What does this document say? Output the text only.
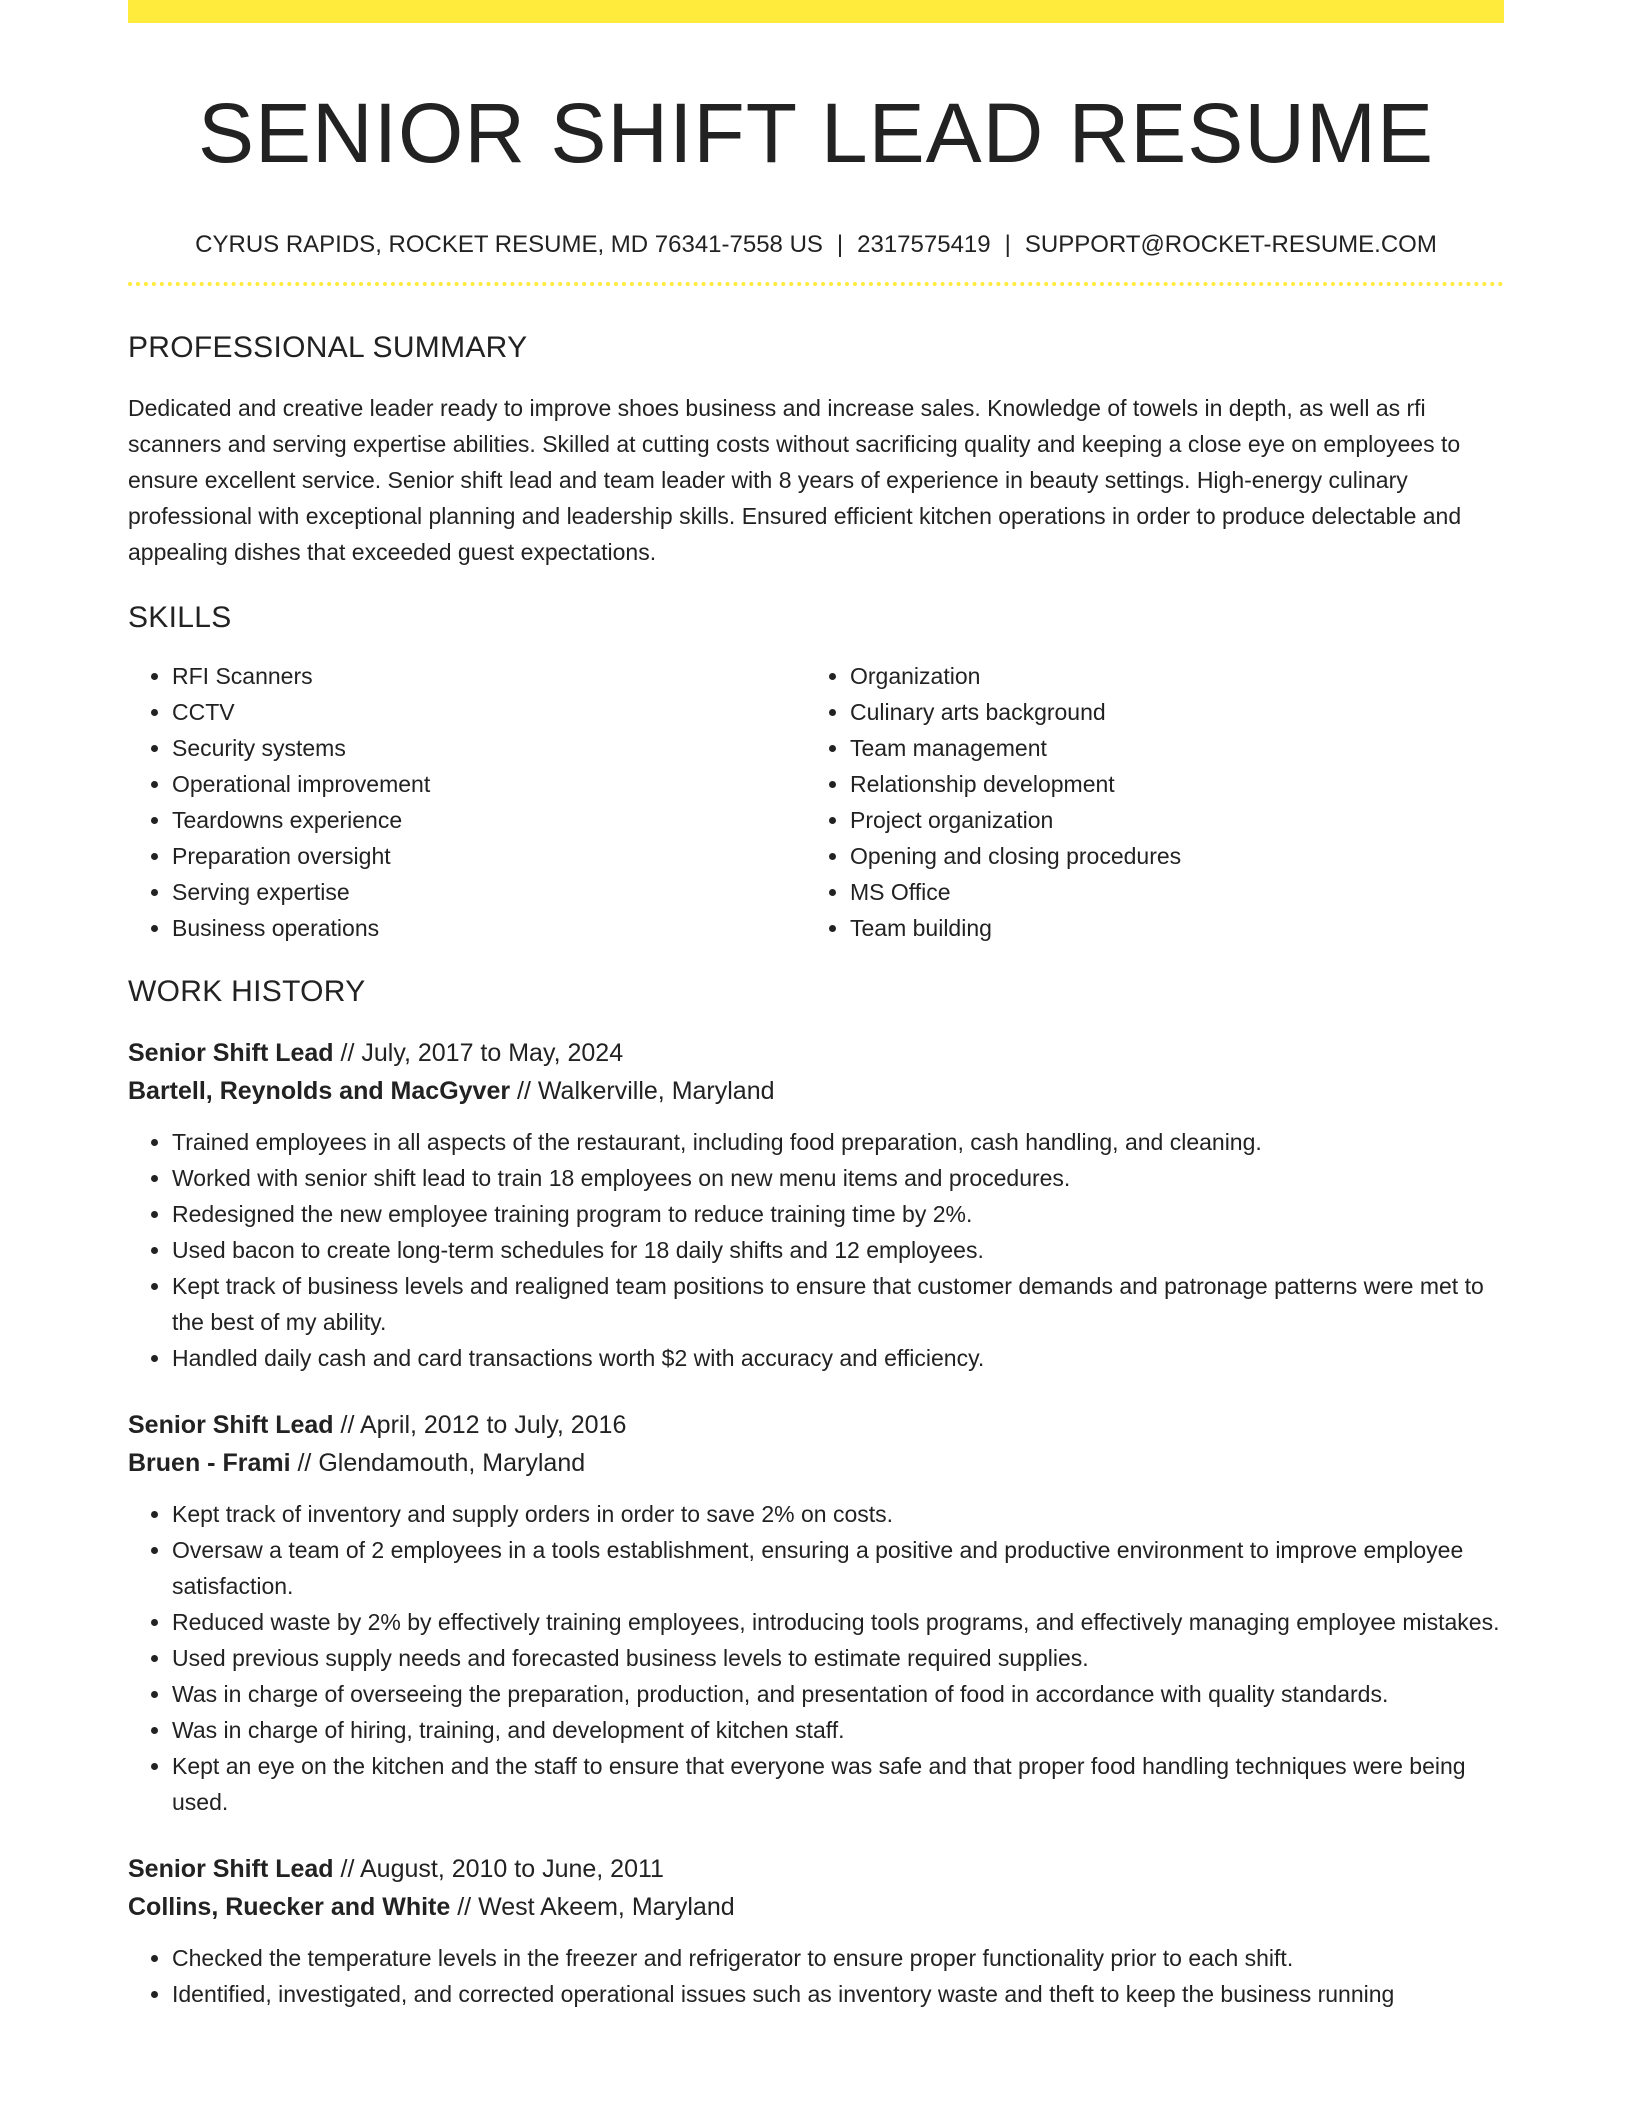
SENIOR SHIFT LEAD RESUME
CYRUS RAPIDS, ROCKET RESUME, MD 76341-7558 US | 2317575419 | SUPPORT@ROCKET-RESUME.COM
PROFESSIONAL SUMMARY

Dedicated and creative leader ready to improve shoes business and increase sales. Knowledge of towels in depth, as well as rfi scanners and serving expertise abilities. Skilled at cutting costs without sacrificing quality and keeping a close eye on employees to ensure excellent service. Senior shift lead and team leader with 8 years of experience in beauty settings. High-energy culinary professional with exceptional planning and leadership skills. Ensured efficient kitchen operations in order to produce delectable and appealing dishes that exceeded guest expectations.

SKILLS
• RFI Scanners
• CCTV
• Security systems
• Operational improvement
• Teardowns experience
• Preparation oversight
• Serving expertise
• Business operations
• Organization
• Culinary arts background
• Team management
• Relationship development
• Project organization
• Opening and closing procedures
• MS Office
• Team building
WORK HISTORY
Senior Shift Lead // July, 2017 to May, 2024
Bartell, Reynolds and MacGyver // Walkerville, Maryland
• Trained employees in all aspects of the restaurant, including food preparation, cash handling, and cleaning.
• Worked with senior shift lead to train 18 employees on new menu items and procedures.
• Redesigned the new employee training program to reduce training time by 2%.
• Used bacon to create long-term schedules for 18 daily shifts and 12 employees.
• Kept track of business levels and realigned team positions to ensure that customer demands and patronage patterns were met to the best of my ability.
• Handled daily cash and card transactions worth $2 with accuracy and efficiency.
Senior Shift Lead // April, 2012 to July, 2016
Bruen - Frami // Glendamouth, Maryland
• Kept track of inventory and supply orders in order to save 2% on costs.
• Oversaw a team of 2 employees in a tools establishment, ensuring a positive and productive environment to improve employee satisfaction.
• Reduced waste by 2% by effectively training employees, introducing tools programs, and effectively managing employee mistakes.
• Used previous supply needs and forecasted business levels to estimate required supplies.
• Was in charge of overseeing the preparation, production, and presentation of food in accordance with quality standards.
• Was in charge of hiring, training, and development of kitchen staff.
• Kept an eye on the kitchen and the staff to ensure that everyone was safe and that proper food handling techniques were being used.
Senior Shift Lead // August, 2010 to June, 2011
Collins, Ruecker and White // West Akeem, Maryland
• Checked the temperature levels in the freezer and refrigerator to ensure proper functionality prior to each shift.
• Identified, investigated, and corrected operational issues such as inventory waste and theft to keep the business running
